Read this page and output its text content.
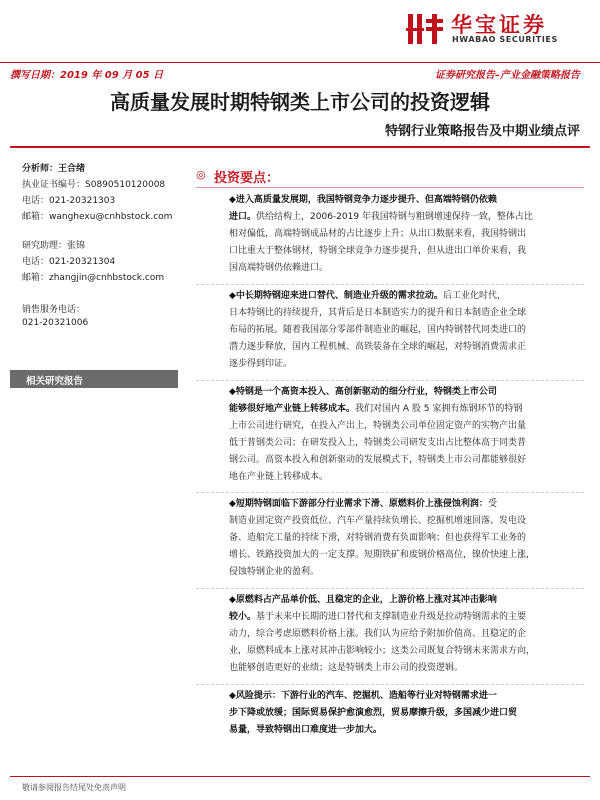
华宝证券
HWABAO SECURITIES
撰写日期：2019 年 09 月 05 日	证券研究报告–产业金融策略报告
高质量发展时期特钢类上市公司的投资逻辑
特钢行业策略报告及中期业绩点评
分析师：王合绪
执业证书编号：S0890510120008
电话：021-20321303
邮箱：wanghexu@cnhbstock.com
研究助理：张锦
电话：021-20321304
邮箱：zhangjin@cnhbstock.com
销售服务电话：
021-20321006
相关研究报告
◎ 投资要点：
◆进入高质量发展期，我国特钢竞争力逐步提升、但高端特钢仍依赖
进口。供给结构上，2006-2019 年我国特钢与粗钢增速保持一致，整体占比
相对偏低，高端特钢成品材的占比逐步上升；从出口数据来看，我国特钢出
口比重大于整体钢材，特钢全球竞争力逐步提升，但从进出口单价来看，我
国高端特钢仍依赖进口。
◆中长期特钢迎来进口替代、制造业升级的需求拉动。后工业化时代，
日本特钢比的持续提升，其背后是日本制造实力的提升和日本制造企业全球
布局的拓展。随着我国部分零部件制造业的崛起，国内特钢替代同类进口的
潜力逐步释放，国内工程机械、高铁装备在全球的崛起，对特钢消费需求正
逐步得到印证。
◆特钢是一个高资本投入、高创新驱动的细分行业，特钢类上市公司
能够很好地产业链上转移成本。我们对国内 A 股 5 家拥有炼钢环节的特钢
上市公司进行研究，在投入产出上，特钢类公司单位固定资产的实物产出量
低于普钢类公司；在研发投入上，特钢类公司研发支出占比整体高于同类普
钢公司。高资本投入和创新驱动的发展模式下，特钢类上市公司都能够很好
地在产业链上转移成本。
◆短期特钢面临下游部分行业需求下滑、原燃料价上涨侵蚀利润：受
制造业固定资产投资低位、汽车产量持续负增长、挖掘机增速回落、发电设
备、造船完工量的持续下滑，对特钢消费有负面影响；但也获得军工业务的
增长、铁路投资加大的一定支撑。短期铁矿和废钢价格高位，镍价快速上涨，
侵蚀特钢企业的盈利。
◆原燃料占产品单价低、且稳定的企业，上游价格上涨对其冲击影响
较小。基于未来中长期的进口替代和支撑制造业升级是拉动特钢需求的主要
动力，综合考虑原燃料价格上涨。我们认为应给予附加价值高、且稳定的企
业，原燃料成本上涨对其冲击影响较小；这类公司既复合特钢未来需求方向，
也能够创造更好的业绩；这是特钢类上市公司的投资逻辑。
◆风险提示：下游行业的汽车、挖掘机、造船等行业对特钢需求进一
步下降或放缓；国际贸易保护愈演愈烈，贸易摩擦升级，多国减少进口贸
易量，导致特钢出口难度进一步加大。
敬请参阅报告结尾处免责声明
